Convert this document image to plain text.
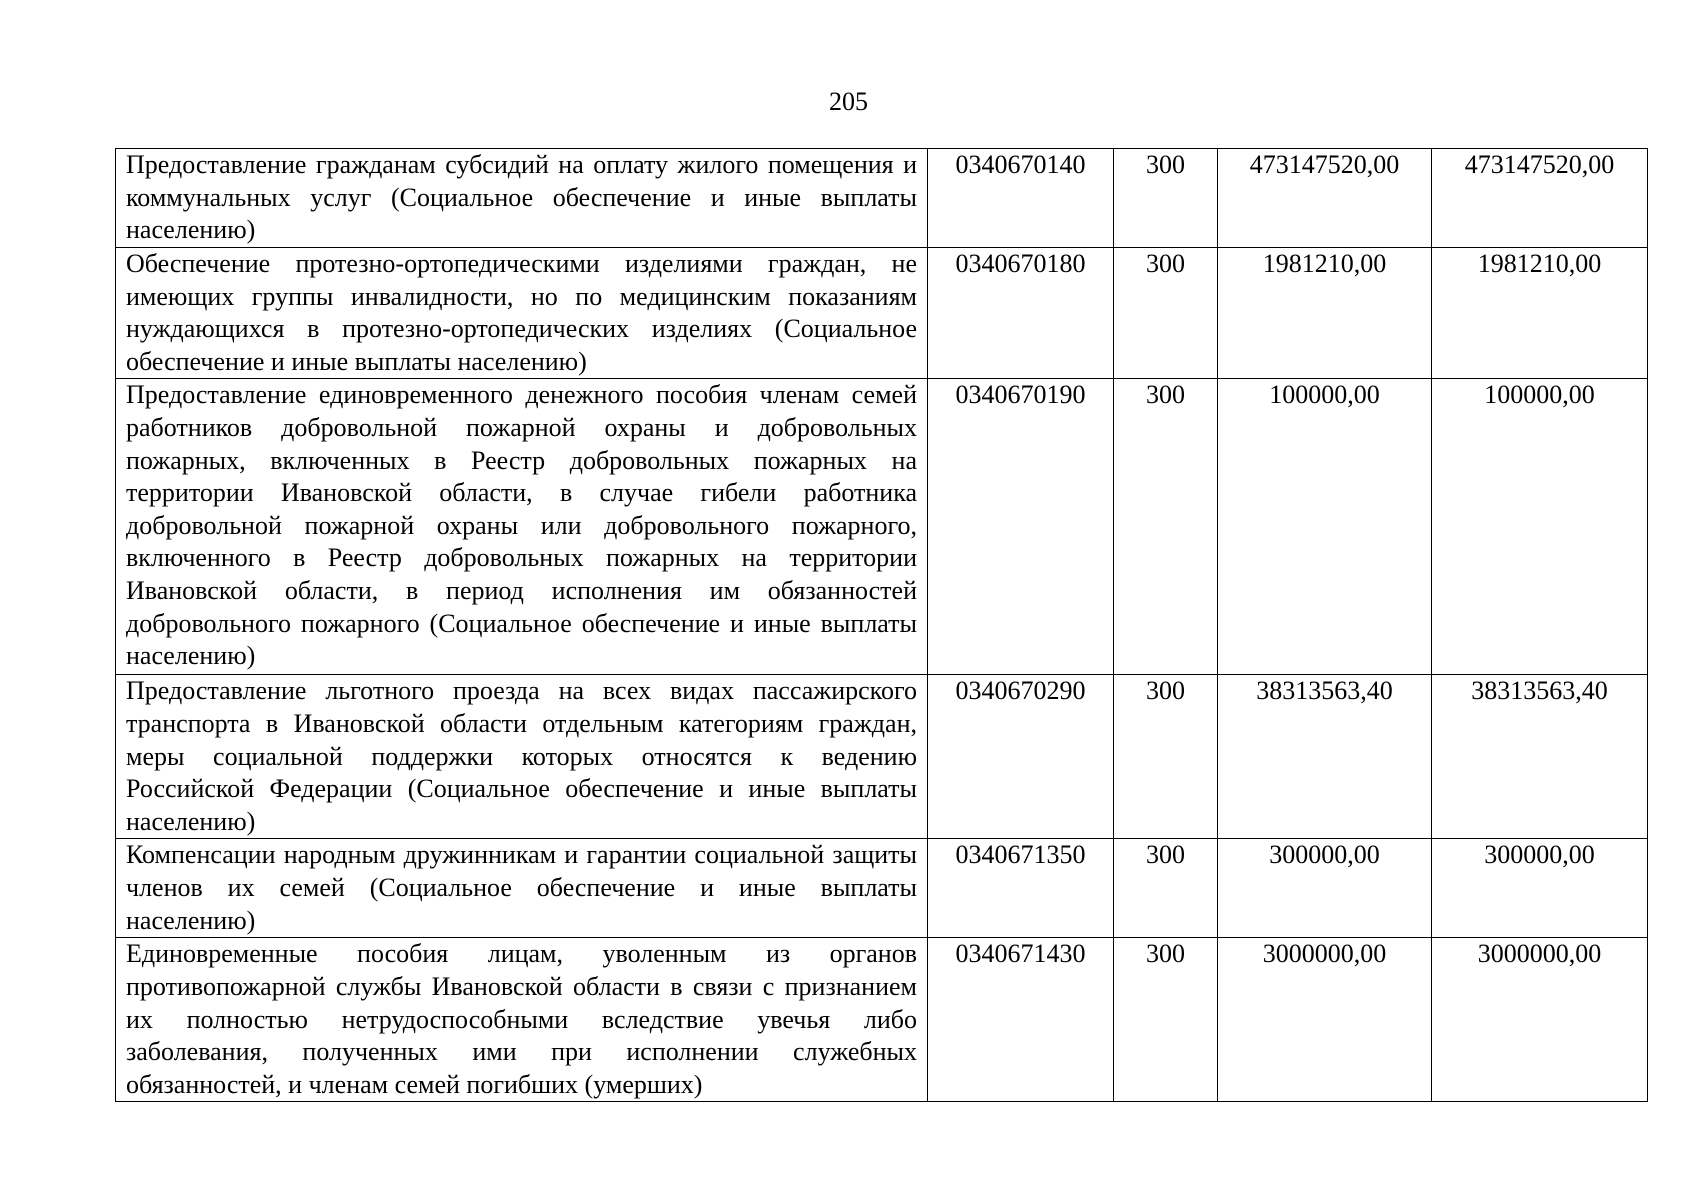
205
Предоставление гражданам субсидий на оплату жилого помещения и коммунальных услуг (Социальное обеспечение и иные выплаты населению)	0340670140	300	473147520,00	473147520,00
Обеспечение протезно-ортопедическими изделиями граждан, не имеющих группы инвалидности, но по медицинским показаниям нуждающихся в протезно-ортопедических изделиях (Социальное обеспечение и иные выплаты населению)	0340670180	300	1981210,00	1981210,00
Предоставление единовременного денежного пособия членам семей работников добровольной пожарной охраны и добровольных пожарных, включенных в Реестр добровольных пожарных на территории Ивановской области, в случае гибели работника добровольной пожарной охраны или добровольного пожарного, включенного в Реестр добровольных пожарных на территории Ивановской области, в период исполнения им обязанностей добровольного пожарного (Социальное обеспечение и иные выплаты населению)	0340670190	300	100000,00	100000,00
Предоставление льготного проезда на всех видах пассажирского транспорта в Ивановской области отдельным категориям граждан, меры социальной поддержки которых относятся к ведению Российской Федерации (Социальное обеспечение и иные выплаты населению)	0340670290	300	38313563,40	38313563,40
Компенсации народным дружинникам и гарантии социальной защиты членов их семей (Социальное обеспечение и иные выплаты населению)	0340671350	300	300000,00	300000,00
Единовременные пособия лицам, уволенным из органов противопожарной службы Ивановской области в связи с признанием их полностью нетрудоспособными вследствие увечья либо заболевания, полученных ими при исполнении служебных обязанностей, и членам семей погибших (умерших)	0340671430	300	3000000,00	3000000,00
